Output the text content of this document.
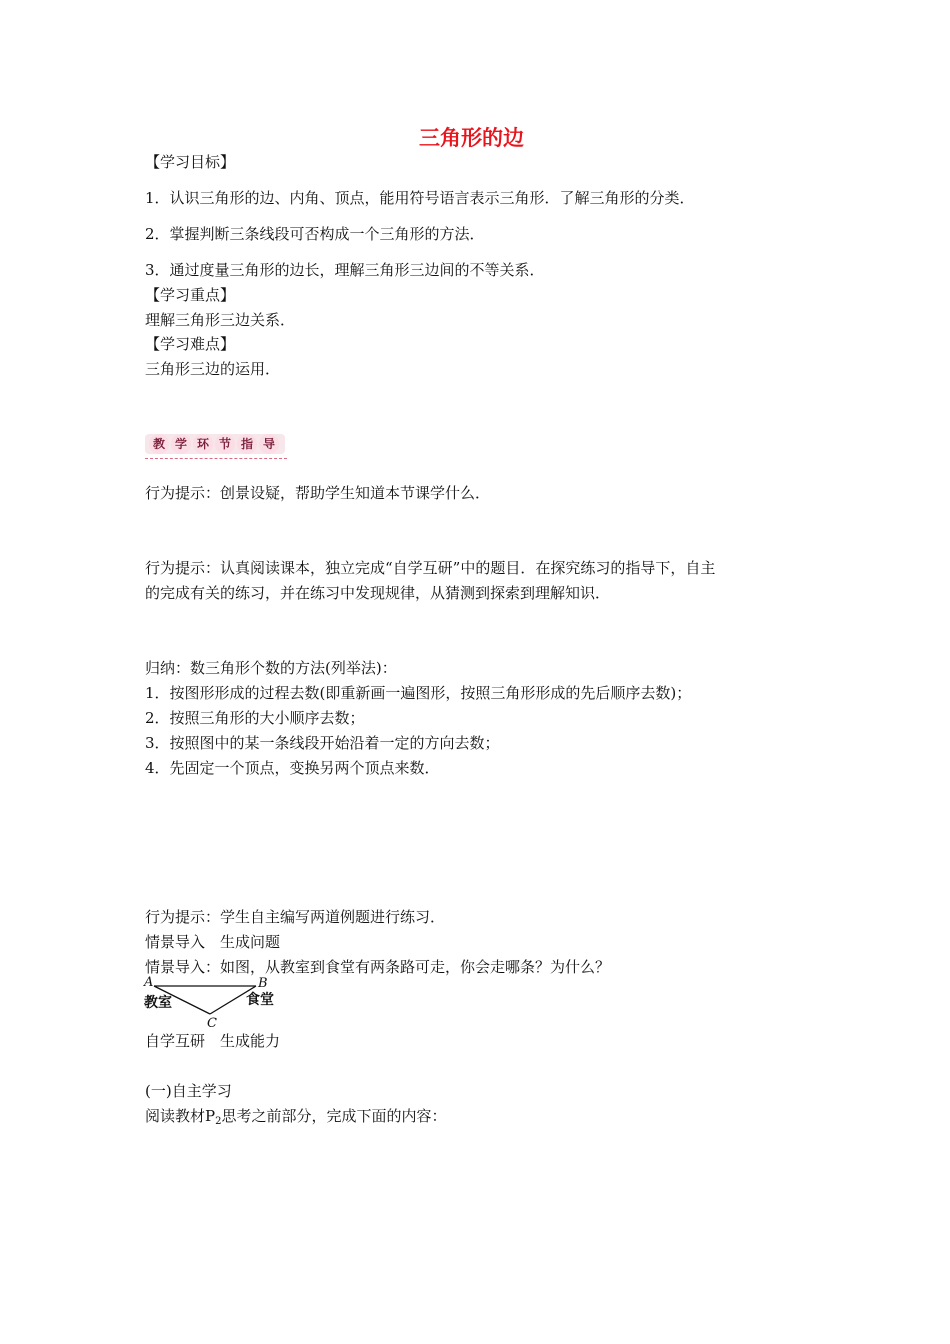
三角形的边
【学习目标】
1．认识三角形的边、内角、顶点，能用符号语言表示三角形．了解三角形的分类．
2．掌握判断三条线段可否构成一个三角形的方法．
3．通过度量三角形的边长，理解三角形三边间的不等关系．
【学习重点】
理解三角形三边关系．
【学习难点】
三角形三边的运用．
教 学 环 节 指 导
行为提示：创景设疑，帮助学生知道本节课学什么．
行为提示：认真阅读课本，独立完成“自学互研”中的题目．在探究练习的指导下，自主
的完成有关的练习，并在练习中发现规律，从猜测到探索到理解知识．
归纳：数三角形个数的方法(列举法)：
1．按图形形成的过程去数(即重新画一遍图形，按照三角形形成的先后顺序去数)；
2．按照三角形的大小顺序去数；
3．按照图中的某一条线段开始沿着一定的方向去数；
4．先固定一个顶点，变换另两个顶点来数．
行为提示：学生自主编写两道例题进行练习．
情景导入　生成问题
情景导入：如图，从教室到食堂有两条路可走，你会走哪条？为什么？
A	B
C
教室	食堂
自学互研　生成能力
(一)自主学习
阅读教材$P_2$思考之前部分，完成下面的内容：
